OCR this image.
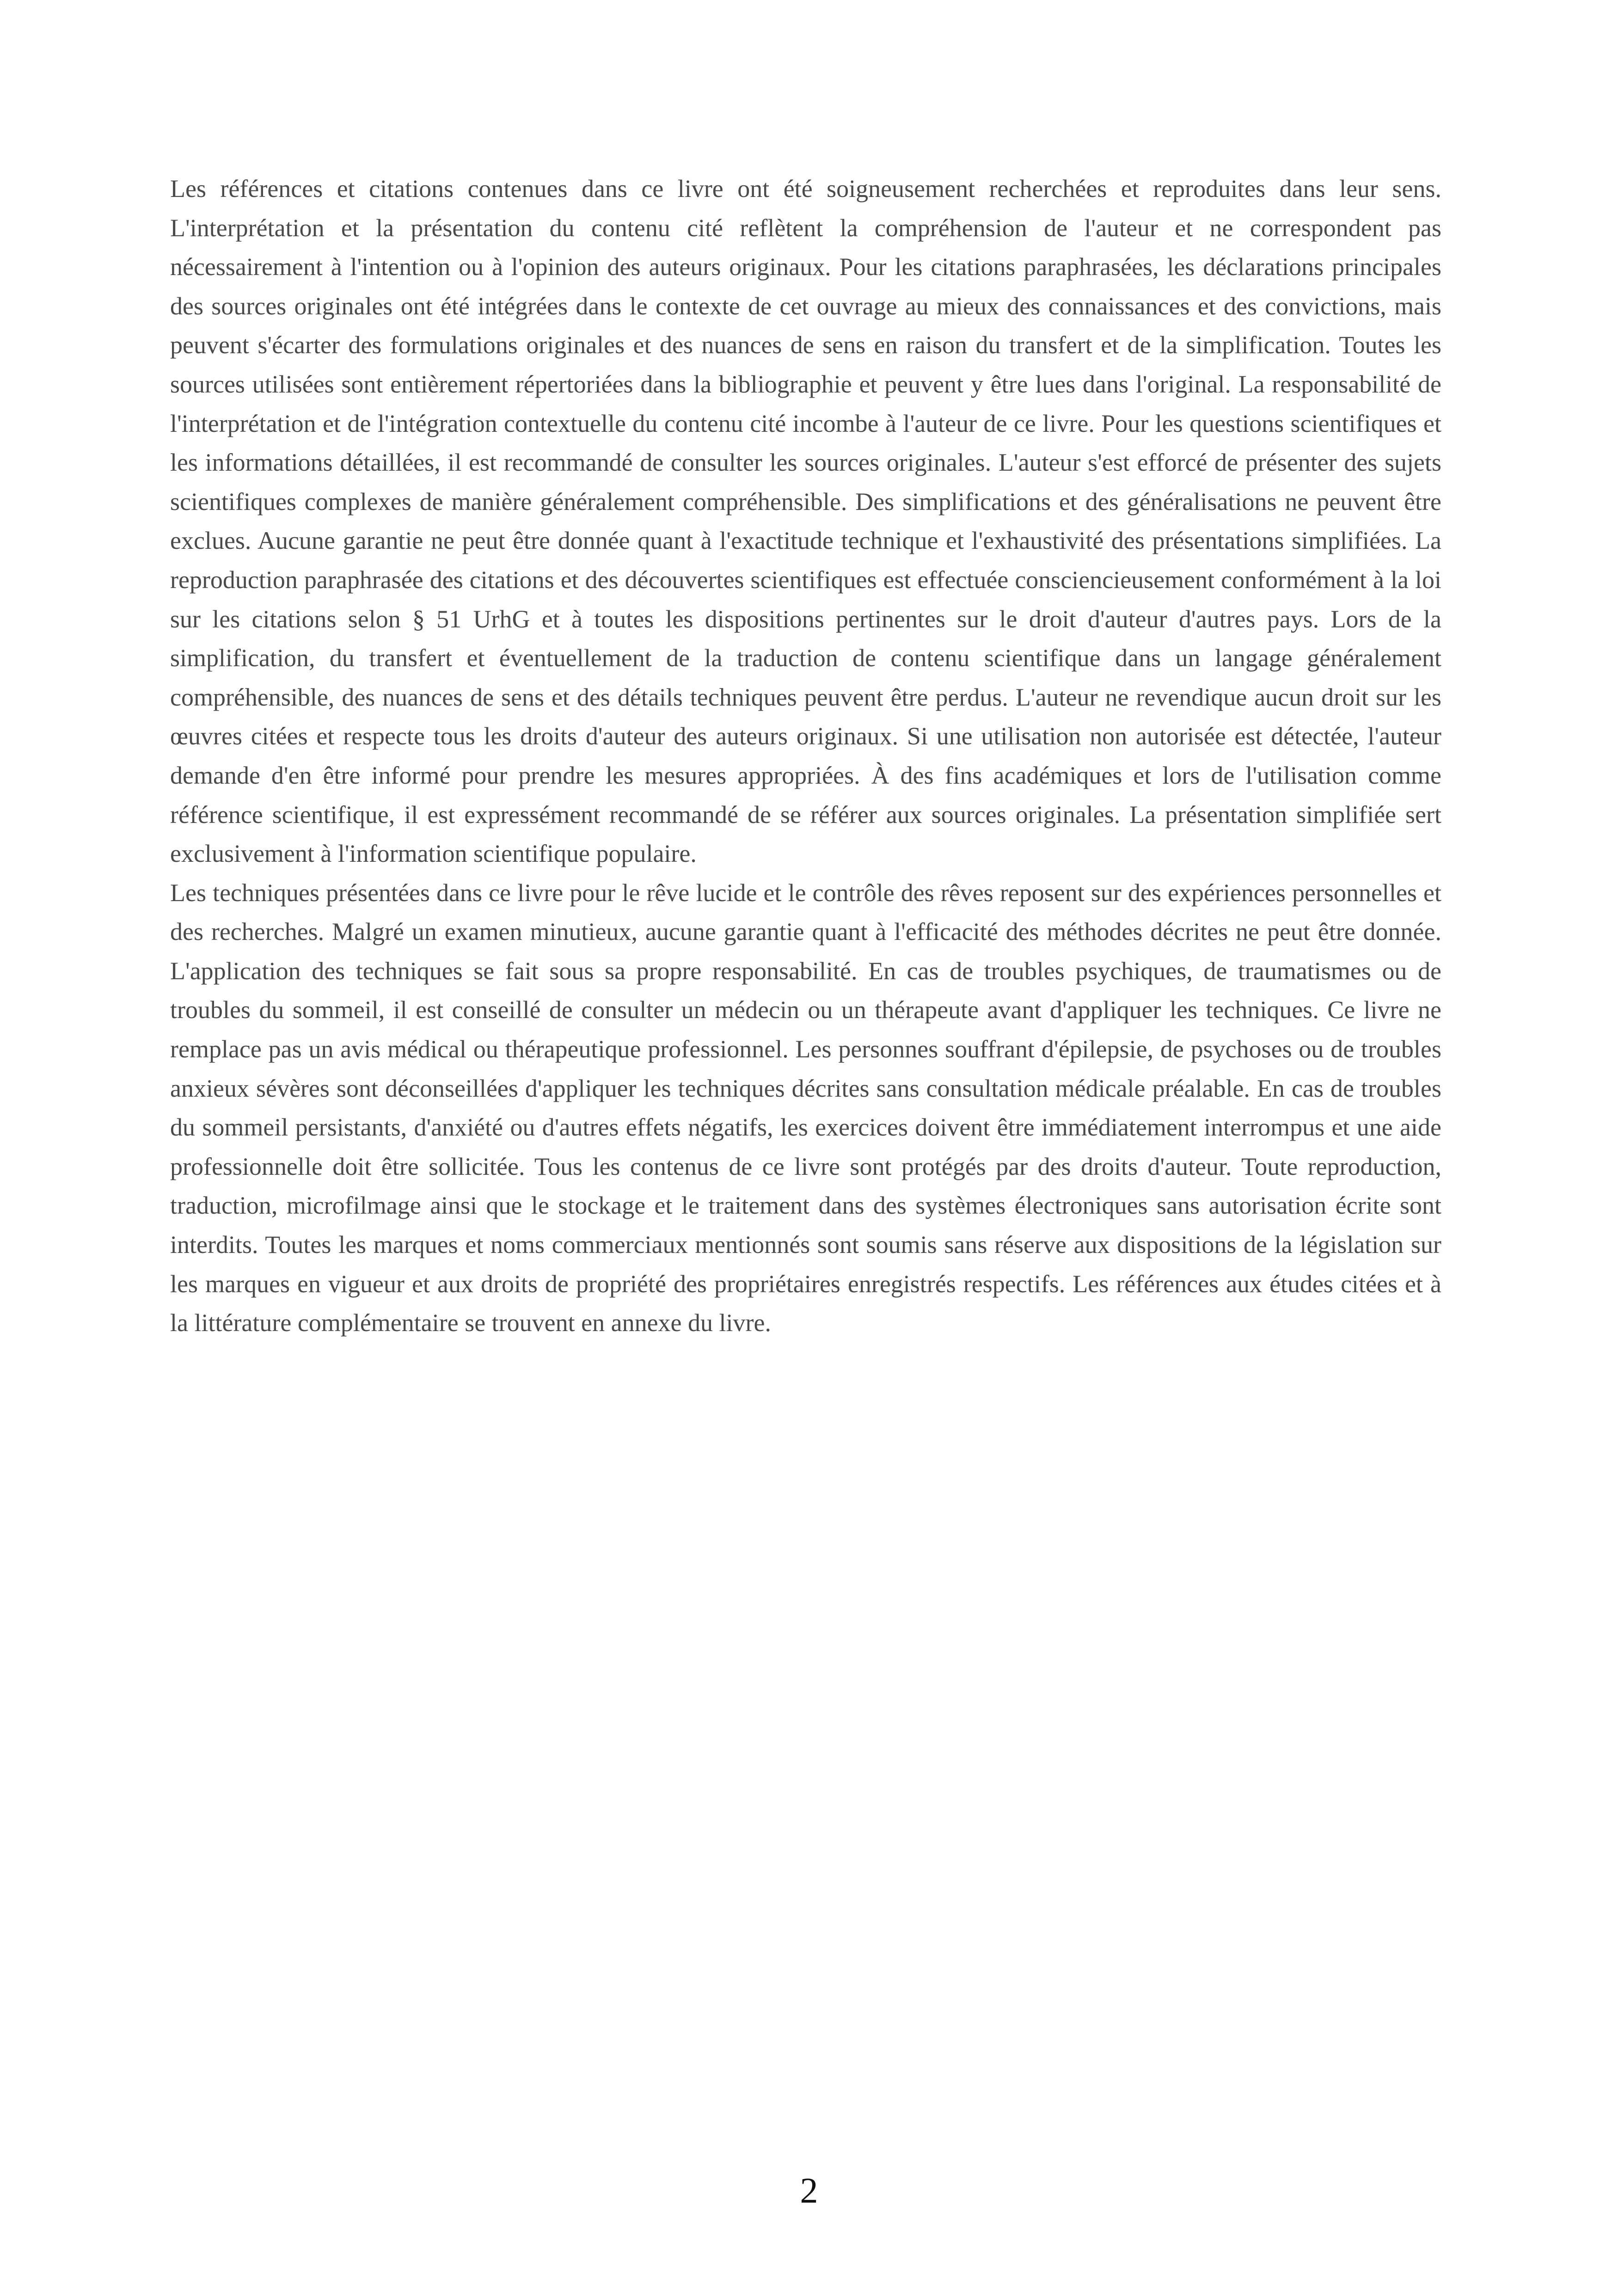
Les références et citations contenues dans ce livre ont été soigneusement recherchées et reproduites dans leur sens. L'interprétation et la présentation du contenu cité reflètent la compréhension de l'auteur et ne correspondent pas nécessairement à l'intention ou à l'opinion des auteurs originaux. Pour les citations paraphrasées, les déclarations principales des sources originales ont été intégrées dans le contexte de cet ouvrage au mieux des connaissances et des convictions, mais peuvent s'écarter des formulations originales et des nuances de sens en raison du transfert et de la simplification. Toutes les sources utilisées sont entièrement répertoriées dans la bibliographie et peuvent y être lues dans l'original. La responsabilité de l'interprétation et de l'intégration contextuelle du contenu cité incombe à l'auteur de ce livre. Pour les questions scientifiques et les informations détaillées, il est recommandé de consulter les sources originales. L'auteur s'est efforcé de présenter des sujets scientifiques complexes de manière généralement compréhensible. Des simplifications et des généralisations ne peuvent être exclues. Aucune garantie ne peut être donnée quant à l'exactitude technique et l'exhaustivité des présentations simplifiées. La reproduction paraphrasée des citations et des découvertes scientifiques est effectuée consciencieusement conformément à la loi sur les citations selon § 51 UrhG et à toutes les dispositions pertinentes sur le droit d'auteur d'autres pays. Lors de la simplification, du transfert et éventuellement de la traduction de contenu scientifique dans un langage généralement compréhensible, des nuances de sens et des détails techniques peuvent être perdus. L'auteur ne revendique aucun droit sur les œuvres citées et respecte tous les droits d'auteur des auteurs originaux. Si une utilisation non autorisée est détectée, l'auteur demande d'en être informé pour prendre les mesures appropriées. À des fins académiques et lors de l'utilisation comme référence scientifique, il est expressément recommandé de se référer aux sources originales. La présentation simplifiée sert exclusivement à l'information scientifique populaire.

Les techniques présentées dans ce livre pour le rêve lucide et le contrôle des rêves reposent sur des expériences personnelles et des recherches. Malgré un examen minutieux, aucune garantie quant à l'efficacité des méthodes décrites ne peut être donnée. L'application des techniques se fait sous sa propre responsabilité. En cas de troubles psychiques, de traumatismes ou de troubles du sommeil, il est conseillé de consulter un médecin ou un thérapeute avant d'appliquer les techniques. Ce livre ne remplace pas un avis médical ou thérapeutique professionnel. Les personnes souffrant d'épilepsie, de psychoses ou de troubles anxieux sévères sont déconseillées d'appliquer les techniques décrites sans consultation médicale préalable. En cas de troubles du sommeil persistants, d'anxiété ou d'autres effets négatifs, les exercices doivent être immédiatement interrompus et une aide professionnelle doit être sollicitée. Tous les contenus de ce livre sont protégés par des droits d'auteur. Toute reproduction, traduction, microfilmage ainsi que le stockage et le traitement dans des systèmes électroniques sans autorisation écrite sont interdits. Toutes les marques et noms commerciaux mentionnés sont soumis sans réserve aux dispositions de la législation sur les marques en vigueur et aux droits de propriété des propriétaires enregistrés respectifs. Les références aux études citées et à la littérature complémentaire se trouvent en annexe du livre.

2
